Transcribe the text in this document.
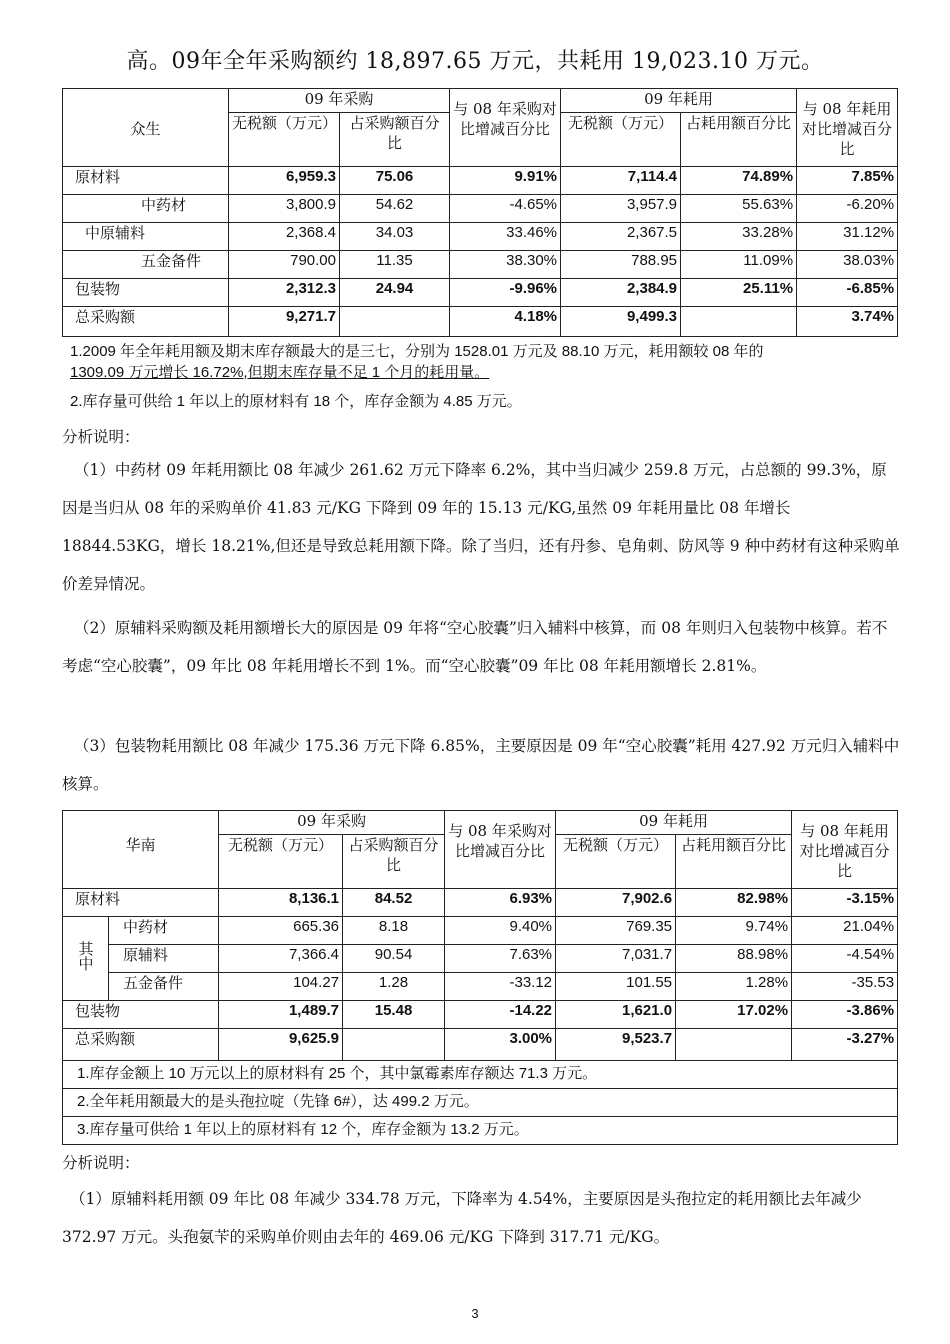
高。09年全年采购额约 18,897.65 万元，共耗用 19,023.10 万元。
众生	09 年采购		与 08 年采购对比增减百分比	09 年耗用		与 08 年耗用对比增减百分比
	无税额（万元）	占采购额百分比		无税额（万元）	占耗用额百分比	
原材料	6,959.3	75.06	9.91%	7,114.4	74.89%	7.85%
中药材	3,800.9	54.62	-4.65%	3,957.9	55.63%	-6.20%
中原辅料	2,368.4	34.03	33.46%	2,367.5	33.28%	31.12%
五金备件	790.00	11.35	38.30%	788.95	11.09%	38.03%
包装物	2,312.3	24.94	-9.96%	2,384.9	25.11%	-6.85%
总采购额	9,271.7		4.18%	9,499.3		3.74%
1.2009 年全年耗用额及期末库存额最大的是三七，分别为 1528.01 万元及 88.10 万元，耗用额较 08 年的
1309.09 万元增长 16.72%,但期末库存量不足 1 个月的耗用量。
2.库存量可供给 1 年以上的原材料有 18 个，库存金额为 4.85 万元。
分析说明：
（1）中药材 09 年耗用额比 08 年减少 261.62 万元下降率 6.2%，其中当归减少 259.8 万元，占总额的 99.3%，原因是当归从 08 年的采购单价 41.83 元/KG 下降到 09 年的 15.13 元/KG,虽然 09 年耗用量比 08 年增长 18844.53KG，增长 18.21%,但还是导致总耗用额下降。除了当归，还有丹参、皂角刺、防风等 9 种中药材有这种采购单价差异情况。
（2）原辅料采购额及耗用额增长大的原因是 09 年将“空心胶囊”归入辅料中核算，而 08 年则归入包装物中核算。若不考虑“空心胶囊”，09 年比 08 年耗用增长不到 1%。而“空心胶囊”09 年比 08 年耗用额增长 2.81%。
（3）包装物耗用额比 08 年减少 175.36 万元下降 6.85%，主要原因是 09 年“空心胶囊”耗用 427.92 万元归入辅料中核算。
华南		09 年采购		与 08 年采购对比增减百分比	09 年耗用		与 08 年耗用对比增减百分比
		无税额（万元）	占采购额百分比		无税额（万元）	占耗用额百分比	
原材料		8,136.1	84.52	6.93%	7,902.6	82.98%	-3.15%
其中	中药材	665.36	8.18	9.40%	769.35	9.74%	21.04%
	原辅料	7,366.4	90.54	7.63%	7,031.7	88.98%	-4.54%
	五金备件	104.27	1.28	-33.12	101.55	1.28%	-35.53
包装物		1,489.7	15.48	-14.22	1,621.0	17.02%	-3.86%
总采购额		9,625.9		3.00%	9,523.7		-3.27%
1.库存金额上 10 万元以上的原材料有 25 个，其中氯霉素库存额达 71.3 万元。							
2.全年耗用额最大的是头孢拉啶（先锋 6#），达 499.2 万元。							
3.库存量可供给 1 年以上的原材料有 12 个，库存金额为 13.2 万元。							
分析说明：
（1）原辅料耗用额 09 年比 08 年减少 334.78 万元，下降率为 4.54%，主要原因是头孢拉定的耗用额比去年减少 372.97 万元。头孢氨苄的采购单价则由去年的 469.06 元/KG 下降到 317.71 元/KG。
3
